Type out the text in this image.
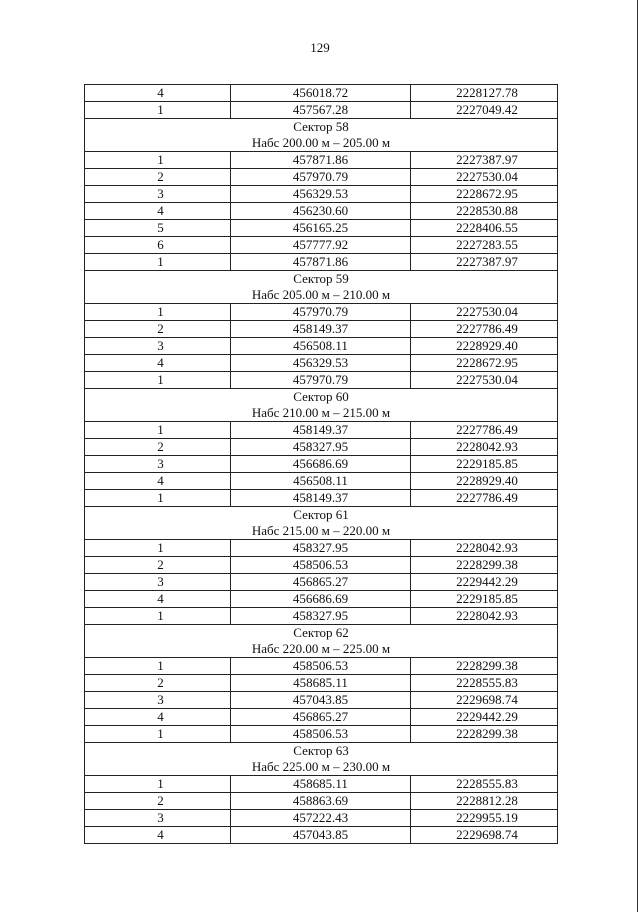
129
4	456018.72	2228127.78
1	457567.28	2227049.42

Сектор 58
Набс 200.00 м – 205.00 м		

1	457871.86	2227387.97
2	457970.79	2227530.04
3	456329.53	2228672.95
4	456230.60	2228530.88
5	456165.25	2228406.55
6	457777.92	2227283.55
1	457871.86	2227387.97

Сектор 59
Набс 205.00 м – 210.00 м		

1	457970.79	2227530.04
2	458149.37	2227786.49
3	456508.11	2228929.40
4	456329.53	2228672.95
1	457970.79	2227530.04

Сектор 60
Набс 210.00 м – 215.00 м		

1	458149.37	2227786.49
2	458327.95	2228042.93
3	456686.69	2229185.85
4	456508.11	2228929.40
1	458149.37	2227786.49

Сектор 61
Набс 215.00 м – 220.00 м		

1	458327.95	2228042.93
2	458506.53	2228299.38
3	456865.27	2229442.29
4	456686.69	2229185.85
1	458327.95	2228042.93

Сектор 62
Набс 220.00 м – 225.00 м		

1	458506.53	2228299.38
2	458685.11	2228555.83
3	457043.85	2229698.74
4	456865.27	2229442.29
1	458506.53	2228299.38

Сектор 63
Набс 225.00 м – 230.00 м		

1	458685.11	2228555.83
2	458863.69	2228812.28
3	457222.43	2229955.19
4	457043.85	2229698.74
